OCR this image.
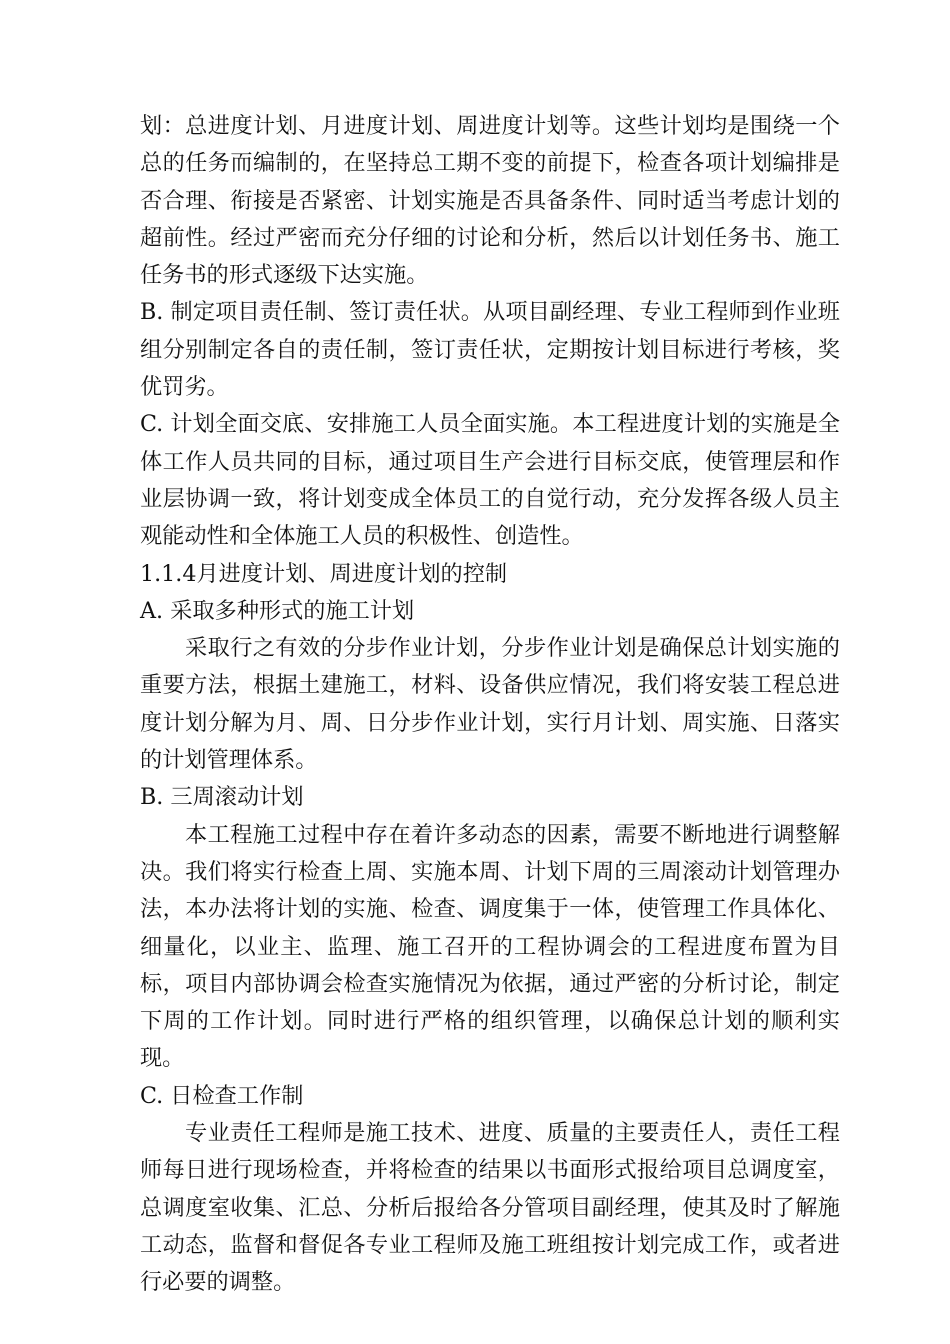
划：总进度计划、月进度计划、周进度计划等。这些计划均是围绕一个总的任务而编制的，在坚持总工期不变的前提下，检查各项计划编排是否合理、衔接是否紧密、计划实施是否具备条件、同时适当考虑计划的超前性。经过严密而充分仔细的讨论和分析，然后以计划任务书、施工任务书的形式逐级下达实施。

B. 制定项目责任制、签订责任状。从项目副经理、专业工程师到作业班组分别制定各自的责任制，签订责任状，定期按计划目标进行考核，奖优罚劣。

C. 计划全面交底、安排施工人员全面实施。本工程进度计划的实施是全体工作人员共同的目标，通过项目生产会进行目标交底，使管理层和作业层协调一致，将计划变成全体员工的自觉行动，充分发挥各级人员主观能动性和全体施工人员的积极性、创造性。

1.1.4月进度计划、周进度计划的控制

A. 采取多种形式的施工计划

采取行之有效的分步作业计划，分步作业计划是确保总计划实施的重要方法，根据土建施工，材料、设备供应情况，我们将安装工程总进度计划分解为月、周、日分步作业计划，实行月计划、周实施、日落实的计划管理体系。

B. 三周滚动计划

本工程施工过程中存在着许多动态的因素，需要不断地进行调整解决。我们将实行检查上周、实施本周、计划下周的三周滚动计划管理办法，本办法将计划的实施、检查、调度集于一体，使管理工作具体化、细量化，以业主、监理、施工召开的工程协调会的工程进度布置为目标，项目内部协调会检查实施情况为依据，通过严密的分析讨论，制定下周的工作计划。同时进行严格的组织管理，以确保总计划的顺利实现。

C. 日检查工作制

专业责任工程师是施工技术、进度、质量的主要责任人，责任工程师每日进行现场检查，并将检查的结果以书面形式报给项目总调度室，总调度室收集、汇总、分析后报给各分管项目副经理，使其及时了解施工动态，监督和督促各专业工程师及施工班组按计划完成工作，或者进行必要的调整。
